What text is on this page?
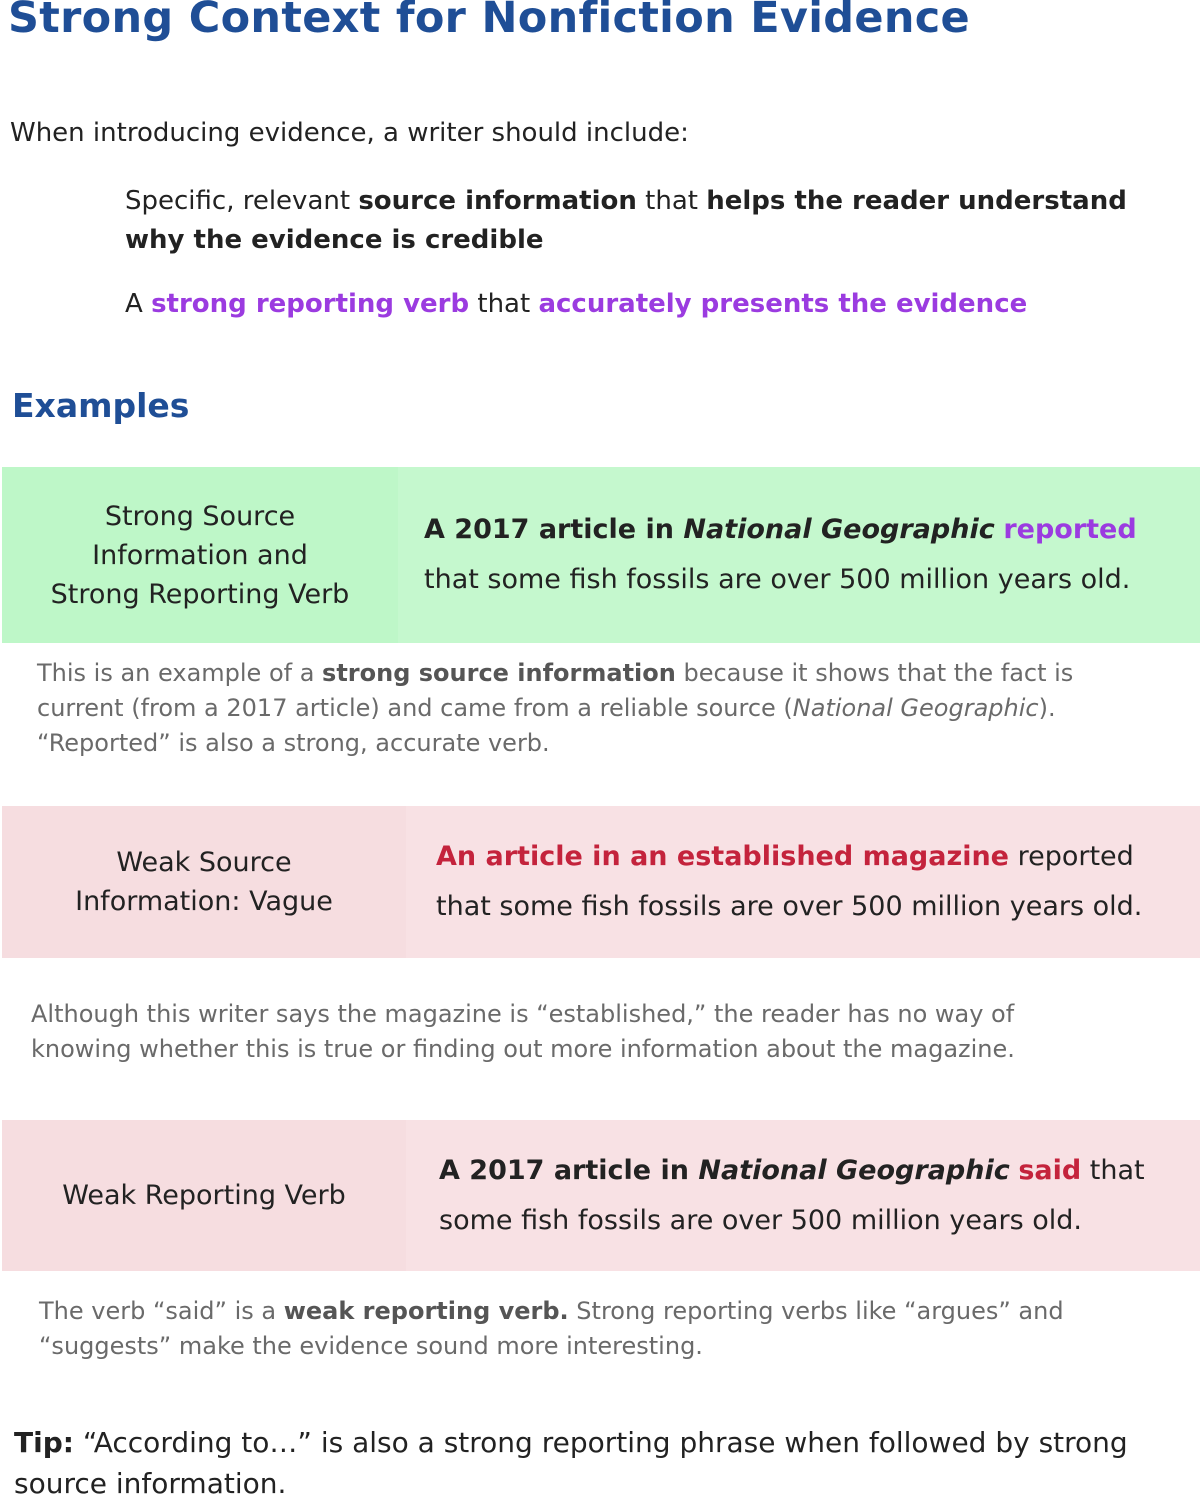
Strong Context for Nonfiction Evidence

When introducing evidence, a writer should include:

Specific, relevant source information that helps the reader understand why the evidence is credible

A strong reporting verb that accurately presents the evidence

Examples
Strong Source
Information and
Strong Reporting Verb
A 2017 article in National Geographic reported
that some fish fossils are over 500 million years old.

This is an example of a strong source information because it shows that the fact is current (from a 2017 article) and came from a reliable source (National Geographic). “Reported” is also a strong, accurate verb.

Weak Source
Information: Vague
An article in an established magazine reported
that some fish fossils are over 500 million years old.

Although this writer says the magazine is “established,” the reader has no way of knowing whether this is true or finding out more information about the magazine.

Weak Reporting Verb
A 2017 article in National Geographic said that
some fish fossils are over 500 million years old.

The verb “said” is a weak reporting verb. Strong reporting verbs like “argues” and “suggests” make the evidence sound more interesting.

Tip: “According to…” is also a strong reporting phrase when followed by strong source information.
